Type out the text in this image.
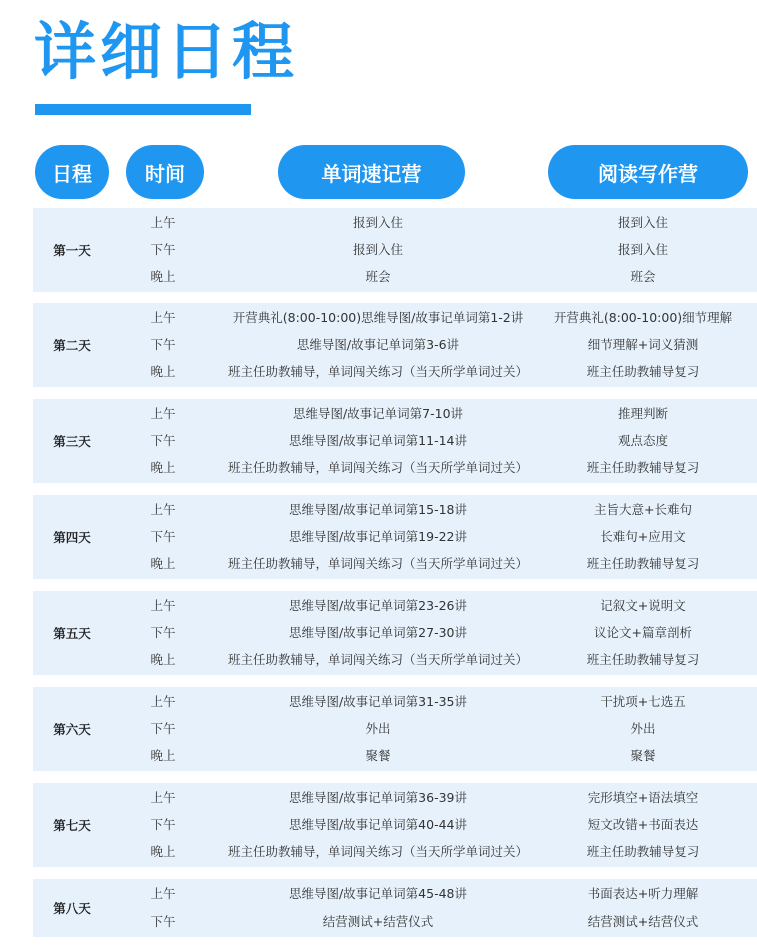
详细日程
日程	时间	单词速记营	阅读写作营
第一天
上午	报到入住	报到入住
下午	报到入住	报到入住
晚上	班会	班会
第二天
上午	开营典礼(8:00-10:00)思维导图/故事记单词第1-2讲	开营典礼(8:00-10:00)细节理解
下午	思维导图/故事记单词第3-6讲	细节理解+词义猜测
晚上	班主任助教辅导，单词闯关练习（当天所学单词过关）	班主任助教辅导复习
第三天
上午	思维导图/故事记单词第7-10讲	推理判断
下午	思维导图/故事记单词第11-14讲	观点态度
晚上	班主任助教辅导，单词闯关练习（当天所学单词过关）	班主任助教辅导复习
第四天
上午	思维导图/故事记单词第15-18讲	主旨大意+长难句
下午	思维导图/故事记单词第19-22讲	长难句+应用文
晚上	班主任助教辅导，单词闯关练习（当天所学单词过关）	班主任助教辅导复习
第五天
上午	思维导图/故事记单词第23-26讲	记叙文+说明文
下午	思维导图/故事记单词第27-30讲	议论文+篇章剖析
晚上	班主任助教辅导，单词闯关练习（当天所学单词过关）	班主任助教辅导复习
第六天
上午	思维导图/故事记单词第31-35讲	干扰项+七选五
下午	外出	外出
晚上	聚餐	聚餐
第七天
上午	思维导图/故事记单词第36-39讲	完形填空+语法填空
下午	思维导图/故事记单词第40-44讲	短文改错+书面表达
晚上	班主任助教辅导，单词闯关练习（当天所学单词过关）	班主任助教辅导复习
第八天
上午	思维导图/故事记单词第45-48讲	书面表达+听力理解
下午	结营测试+结营仪式	结营测试+结营仪式
